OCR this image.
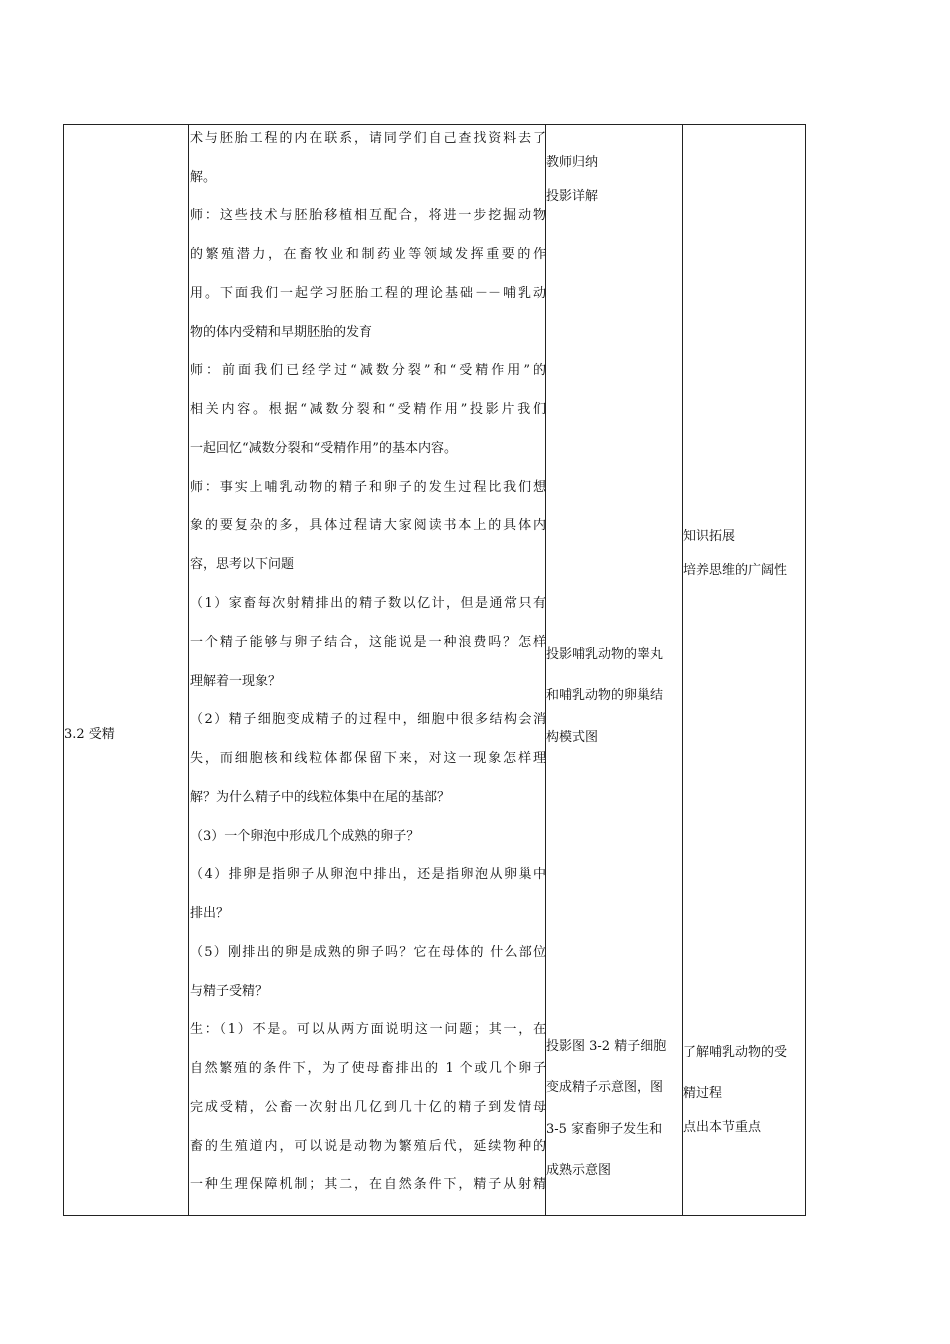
3.2 受精
术与胚胎工程的内在联系，请同学们自己查找资料去了
解。
师：这些技术与胚胎移植相互配合，将进一步挖掘动物
的繁殖潜力，在畜牧业和制药业等领域发挥重要的作
用。下面我们一起学习胚胎工程的理论基础－－哺乳动
物的体内受精和早期胚胎的发育
师：前面我们已经学过“减数分裂”和“受精作用”的
相关内容。根据“减数分裂和“受精作用”投影片我们
一起回忆“减数分裂和“受精作用”的基本内容。
师：事实上哺乳动物的精子和卵子的发生过程比我们想
象的要复杂的多，具体过程请大家阅读书本上的具体内
容，思考以下问题
（1）家畜每次射精排出的精子数以亿计，但是通常只有
一个精子能够与卵子结合，这能说是一种浪费吗？怎样
理解着一现象？
（2）精子细胞变成精子的过程中，细胞中很多结构会消
失，而细胞核和线粒体都保留下来，对这一现象怎样理
解？为什么精子中的线粒体集中在尾的基部？
（3）一个卵泡中形成几个成熟的卵子？
（4）排卵是指卵子从卵泡中排出，还是指卵泡从卵巢中
排出？
（5）刚排出的卵是成熟的卵子吗？它在母体的 什么部位
与精子受精？
生：（1）不是。可以从两方面说明这一问题；其一，在
自然繁殖的条件下，为了使母畜排出的 1 个或几个卵子
完成受精，公畜一次射出几亿到几十亿的精子到发情母
畜的生殖道内，可以说是动物为繁殖后代，延续物种的
一种生理保障机制；其二，在自然条件下，精子从射精
教师归纳
投影详解
投影哺乳动物的睾丸
和哺乳动物的卵巢结
构模式图
投影图 3-2 精子细胞
变成精子示意图，图
3-5 家畜卵子发生和
成熟示意图
知识拓展
培养思维的广阔性
了解哺乳动物的受
精过程
点出本节重点
